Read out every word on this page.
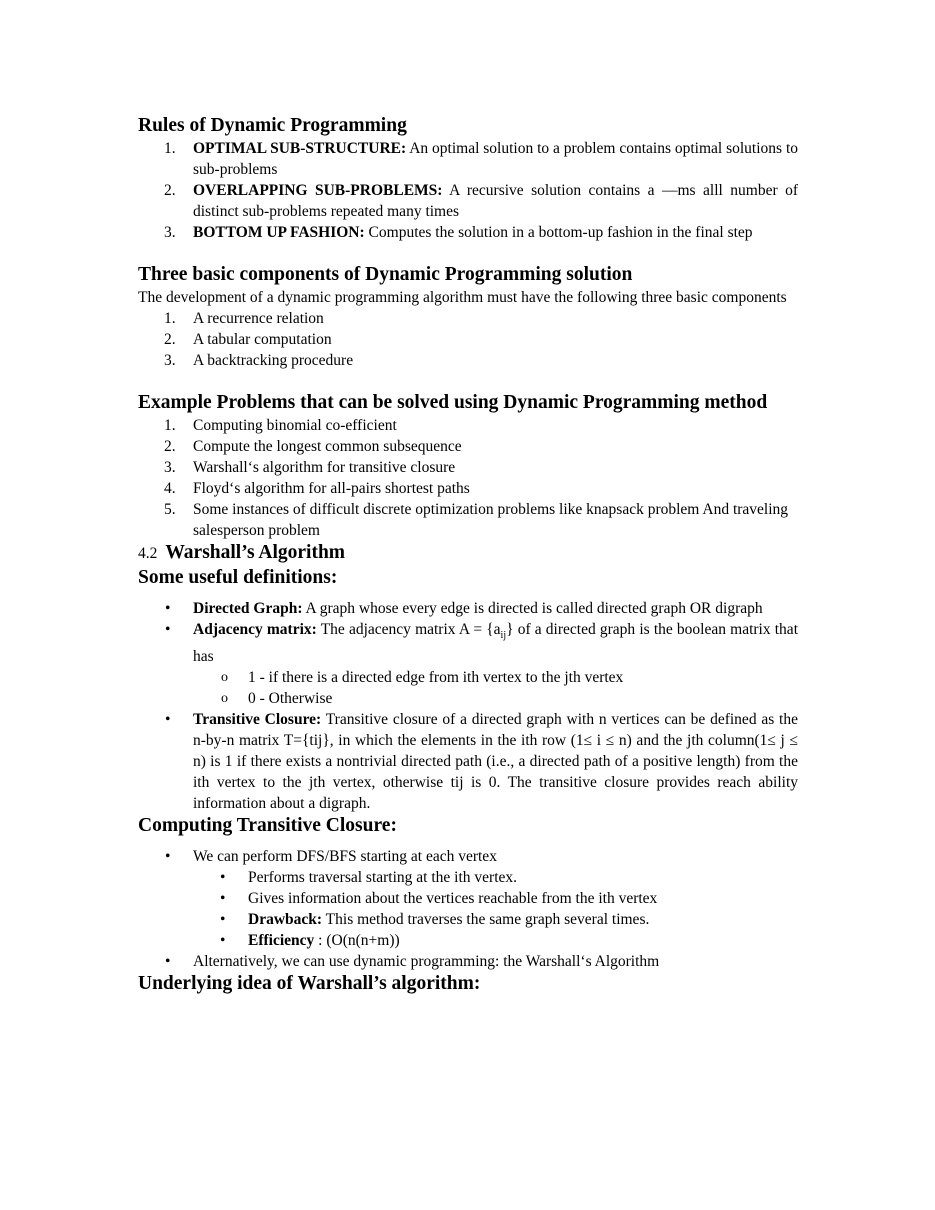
Rules of Dynamic Programming
1. OPTIMAL SUB-STRUCTURE: An optimal solution to a problem contains optimal solutions to sub-problems
2. OVERLAPPING SUB-PROBLEMS: A recursive solution contains a ―ms alll number of distinct sub-problems repeated many times
3. BOTTOM UP FASHION: Computes the solution in a bottom-up fashion in the final step
Three basic components of Dynamic Programming solution
The development of a dynamic programming algorithm must have the following three basic components
1. A recurrence relation
2. A tabular computation
3. A backtracking procedure
Example Problems that can be solved using Dynamic Programming method
1. Computing binomial co-efficient
2. Compute the longest common subsequence
3. Warshall‘s algorithm for transitive closure
4. Floyd‘s algorithm for all-pairs shortest paths
5. Some instances of difficult discrete optimization problems like knapsack problem And traveling salesperson problem
4.2 Warshall’s Algorithm
Some useful definitions:
• Directed Graph: A graph whose every edge is directed is called directed graph OR digraph
• Adjacency matrix: The adjacency matrix $A = \{a_{ij}\}$ of a directed graph is the boolean matrix that has
o 1 - if there is a directed edge from ith vertex to the jth vertex
o 0 - Otherwise
• Transitive Closure: Transitive closure of a directed graph with n vertices can be defined as the n-by-n matrix T={tij}, in which the elements in the ith row (1≤ i ≤ n) and the jth column(1≤ j ≤ n) is 1 if there exists a nontrivial directed path (i.e., a directed path of a positive length) from the ith vertex to the jth vertex, otherwise tij is 0. The transitive closure provides reach ability information about a digraph.
Computing Transitive Closure:
• We can perform DFS/BFS starting at each vertex
• Performs traversal starting at the ith vertex.
• Gives information about the vertices reachable from the ith vertex
• Drawback: This method traverses the same graph several times.
• Efficiency : (O(n(n+m))
• Alternatively, we can use dynamic programming: the Warshall‘s Algorithm
Underlying idea of Warshall’s algorithm:
